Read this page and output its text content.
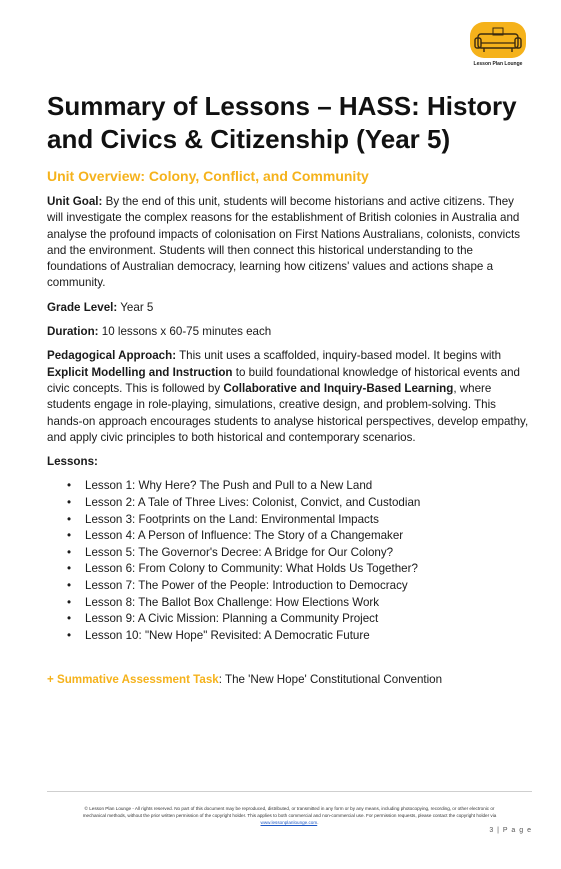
Lesson Plan Lounge
Summary of Lessons – HASS: History and Civics & Citizenship (Year 5)
Unit Overview: Colony, Conflict, and Community

Unit Goal: By the end of this unit, students will become historians and active citizens. They will investigate the complex reasons for the establishment of British colonies in Australia and analyse the profound impacts of colonisation on First Nations Australians, colonists, convicts and the environment. Students will then connect this historical understanding to the foundations of Australian democracy, learning how citizens' values and actions shape a community.

Grade Level: Year 5

Duration: 10 lessons x 60-75 minutes each

Pedagogical Approach: This unit uses a scaffolded, inquiry-based model. It begins with Explicit Modelling and Instruction to build foundational knowledge of historical events and civic concepts. This is followed by Collaborative and Inquiry-Based Learning, where students engage in role-playing, simulations, creative design, and problem-solving. This hands-on approach encourages students to analyse historical perspectives, develop empathy, and apply civic principles to both historical and contemporary scenarios.

Lessons:

• Lesson 1: Why Here? The Push and Pull to a New Land
• Lesson 2: A Tale of Three Lives: Colonist, Convict, and Custodian
• Lesson 3: Footprints on the Land: Environmental Impacts
• Lesson 4: A Person of Influence: The Story of a Changemaker
• Lesson 5: The Governor's Decree: A Bridge for Our Colony?
• Lesson 6: From Colony to Community: What Holds Us Together?
• Lesson 7: The Power of the People: Introduction to Democracy
• Lesson 8: The Ballot Box Challenge: How Elections Work
• Lesson 9: A Civic Mission: Planning a Community Project
• Lesson 10: "New Hope" Revisited: A Democratic Future
+ Summative Assessment Task: The 'New Hope' Constitutional Convention
© Lesson Plan Lounge - All rights reserved. No part of this document may be reproduced, distributed, or transmitted in any form or by any means, including photocopying, recording, or other electronic or
mechanical methods, without the prior written permission of the copyright holder. This applies to both commercial and non-commercial use. For permission requests, please contact the copyright holder via
www.lessonplanlounge.com.
3 | P a g e
